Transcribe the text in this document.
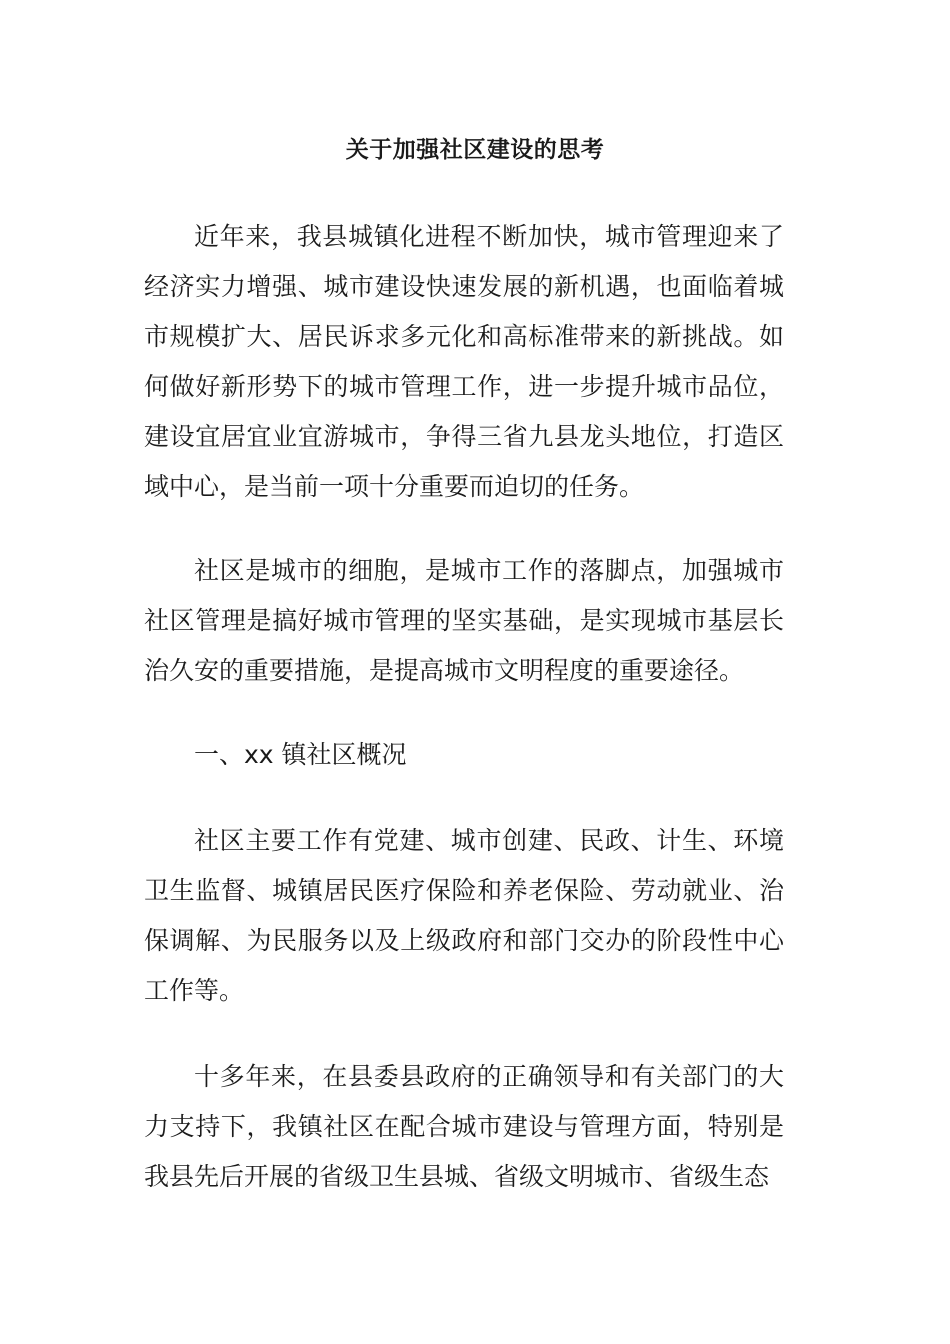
关于加强社区建设的思考

近年来，我县城镇化进程不断加快，城市管理迎来了经济实力增强、城市建设快速发展的新机遇，也面临着城市规模扩大、居民诉求多元化和高标准带来的新挑战。如何做好新形势下的城市管理工作，进一步提升城市品位，建设宜居宜业宜游城市，争得三省九县龙头地位，打造区域中心，是当前一项十分重要而迫切的任务。

社区是城市的细胞，是城市工作的落脚点，加强城市社区管理是搞好城市管理的坚实基础，是实现城市基层长治久安的重要措施，是提高城市文明程度的重要途径。

一、xx 镇社区概况

社区主要工作有党建、城市创建、民政、计生、环境卫生监督、城镇居民医疗保险和养老保险、劳动就业、治保调解、为民服务以及上级政府和部门交办的阶段性中心工作等。

十多年来，在县委县政府的正确领导和有关部门的大力支持下，我镇社区在配合城市建设与管理方面，特别是我县先后开展的省级卫生县城、省级文明城市、省级生态
